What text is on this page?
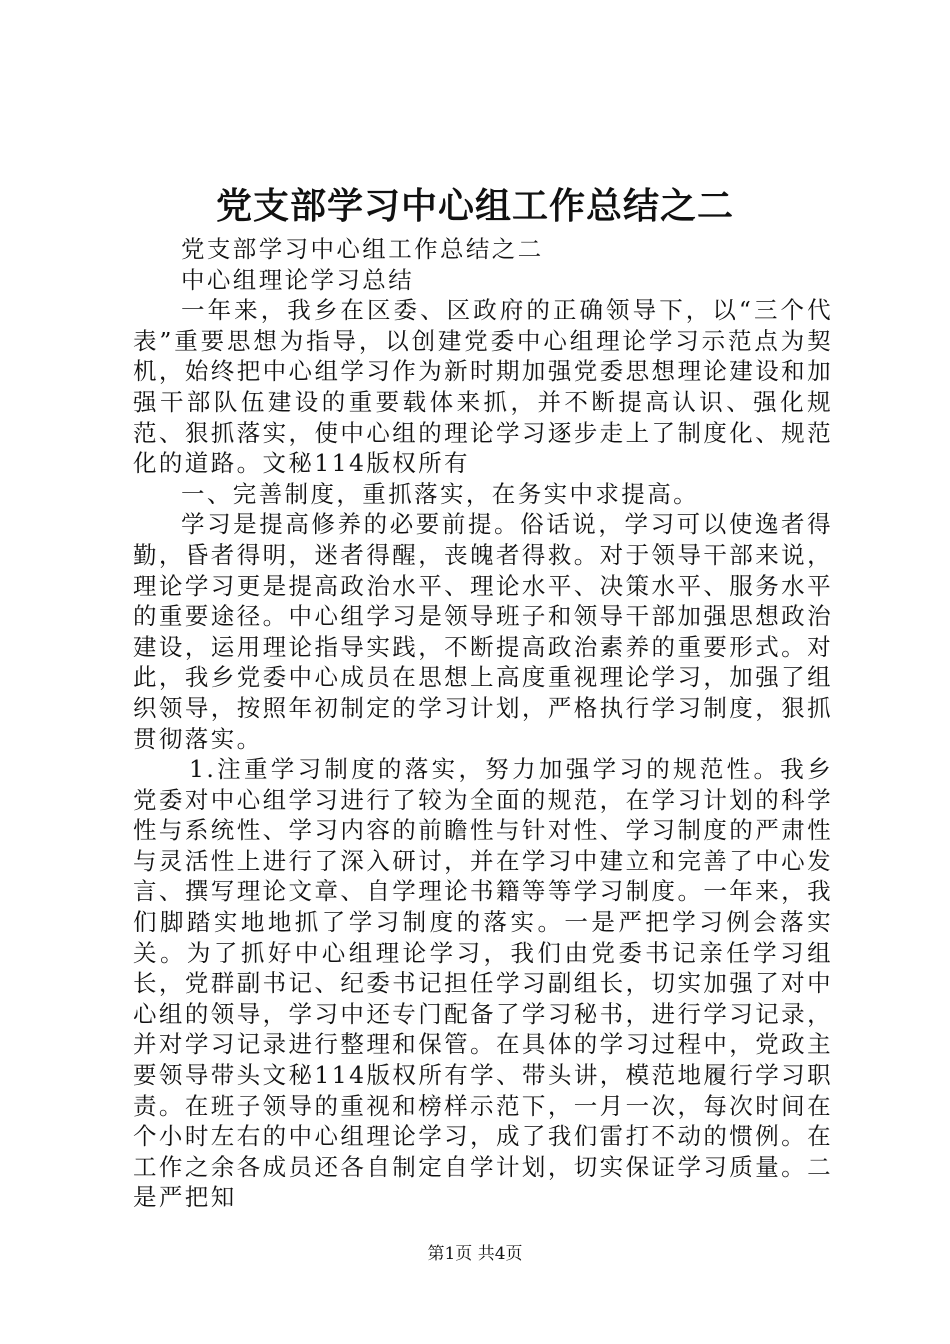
党支部学习中心组工作总结之二

党支部学习中心组工作总结之二

中心组理论学习总结

一年来，我乡在区委、区政府的正确领导下，以“三个代表”重要思想为指导，以创建党委中心组理论学习示范点为契机，始终把中心组学习作为新时期加强党委思想理论建设和加强干部队伍建设的重要载体来抓，并不断提高认识、强化规范、狠抓落实，使中心组的理论学习逐步走上了制度化、规范化的道路。文秘114版权所有

一、完善制度，重抓落实，在务实中求提高。

学习是提高修养的必要前提。俗话说，学习可以使逸者得勤，昏者得明，迷者得醒，丧魄者得救。对于领导干部来说，理论学习更是提高政治水平、理论水平、决策水平、服务水平的重要途径。中心组学习是领导班子和领导干部加强思想政治建设，运用理论指导实践，不断提高政治素养的重要形式。对此，我乡党委中心成员在思想上高度重视理论学习，加强了组织领导，按照年初制定的学习计划，严格执行学习制度，狠抓贯彻落实。

1.注重学习制度的落实，努力加强学习的规范性。我乡党委对中心组学习进行了较为全面的规范，在学习计划的科学性与系统性、学习内容的前瞻性与针对性、学习制度的严肃性与灵活性上进行了深入研讨，并在学习中建立和完善了中心发言、撰写理论文章、自学理论书籍等等学习制度。一年来，我们脚踏实地地抓了学习制度的落实。一是严把学习例会落实关。为了抓好中心组理论学习，我们由党委书记亲任学习组长，党群副书记、纪委书记担任学习副组长，切实加强了对中心组的领导，学习中还专门配备了学习秘书，进行学习记录，并对学习记录进行整理和保管。在具体的学习过程中，党政主要领导带头文秘114版权所有学、带头讲，模范地履行学习职责。在班子领导的重视和榜样示范下，一月一次，每次时间在个小时左右的中心组理论学习，成了我们雷打不动的惯例。在工作之余各成员还各自制定自学计划，切实保证学习质量。二是严把知

第1页 共4页
